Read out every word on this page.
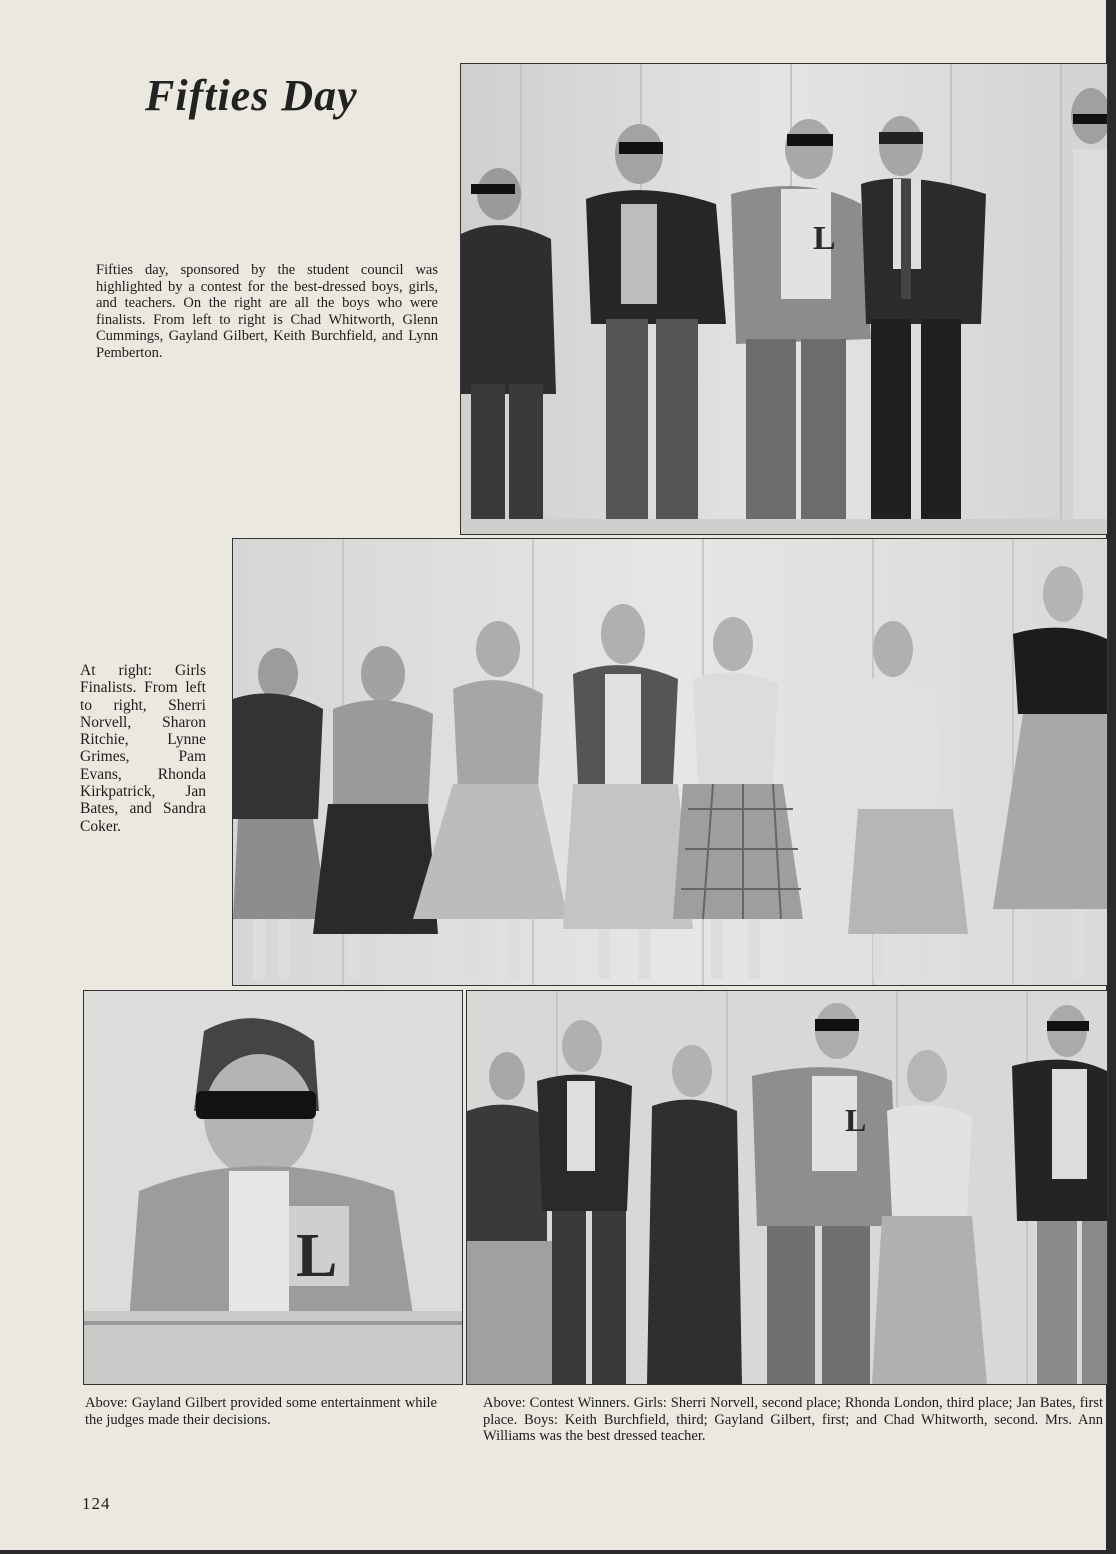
Fifties Day
L
Fifties day, sponsored by the student council was highlighted by a contest for the best-dressed boys, girls, and teachers. On the right are all the boys who were finalists. From left to right is Chad Whitworth, Glenn Cummings, Gayland Gilbert, Keith Burchfield, and Lynn Pemberton.
At right: Girls Finalists. From left to right, Sherri Norvell, Sharon Ritchie, Lynne Grimes, Pam Evans, Rhonda Kirkpatrick, Jan Bates, and Sandra Coker.
L
L
Above: Gayland Gilbert provided some entertainment while the judges made their decisions.
Above: Contest Winners. Girls: Sherri Norvell, second place; Rhonda London, third place; Jan Bates, first place. Boys: Keith Burchfield, third; Gayland Gilbert, first; and Chad Whitworth, second. Mrs. Ann Williams was the best dressed teacher.
124
